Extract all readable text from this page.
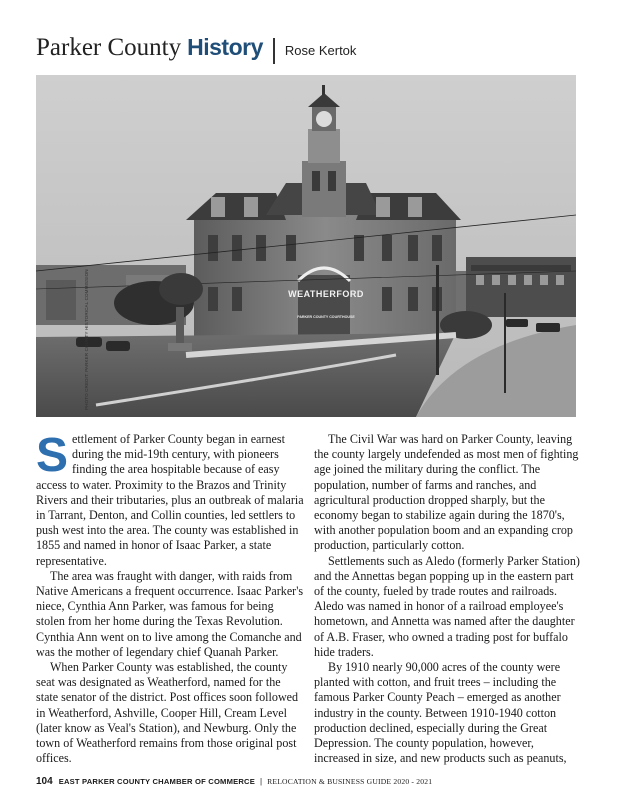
Parker County History Rose Kertok
WEATHERFORD
PARKER COUNTY COURTHOUSE
PHOTO CREDIT: PARKER COUNTY HISTORICAL COMMISSION

Settlement of Parker County began in earnest during the mid-19th century, with pioneers finding the area hospitable because of easy access to water. Proximity to the Brazos and Trinity Rivers and their tributaries, plus an outbreak of malaria in Tarrant, Denton, and Collin counties, led settlers to push west into the area. The county was established in 1855 and named in honor of Isaac Parker, a state representative.

The area was fraught with danger, with raids from Native Americans a frequent occurrence. Isaac Parker's niece, Cynthia Ann Parker, was famous for being stolen from her home during the Texas Revolution. Cynthia Ann went on to live among the Comanche and was the mother of legendary chief Quanah Parker.

When Parker County was established, the county seat was designated as Weatherford, named for the state senator of the district. Post offices soon followed in Weatherford, Ashville, Cooper Hill, Cream Level (later know as Veal's Station), and Newburg. Only the town of Weatherford remains from those original post offices.

The Civil War was hard on Parker County, leaving the county largely undefended as most men of fighting age joined the military during the conflict. The population, number of farms and ranches, and agricultural production dropped sharply, but the economy began to stabilize again during the 1870's, with another population boom and an expanding crop production, particularly cotton.

Settlements such as Aledo (formerly Parker Station) and the Annettas began popping up in the eastern part of the county, fueled by trade routes and railroads. Aledo was named in honor of a railroad employee's hometown, and Annetta was named after the daughter of A.B. Fraser, who owned a trading post for buffalo hide traders.

By 1910 nearly 90,000 acres of the county were planted with cotton, and fruit trees – including the famous Parker County Peach – emerged as another industry in the county. Between 1910-1940 cotton production declined, especially during the Great Depression. The county population, however, increased in size, and new products such as peanuts,

104 EAST PARKER COUNTY CHAMBER OF COMMERCE | RELOCATION & BUSINESS GUIDE 2020 - 2021
